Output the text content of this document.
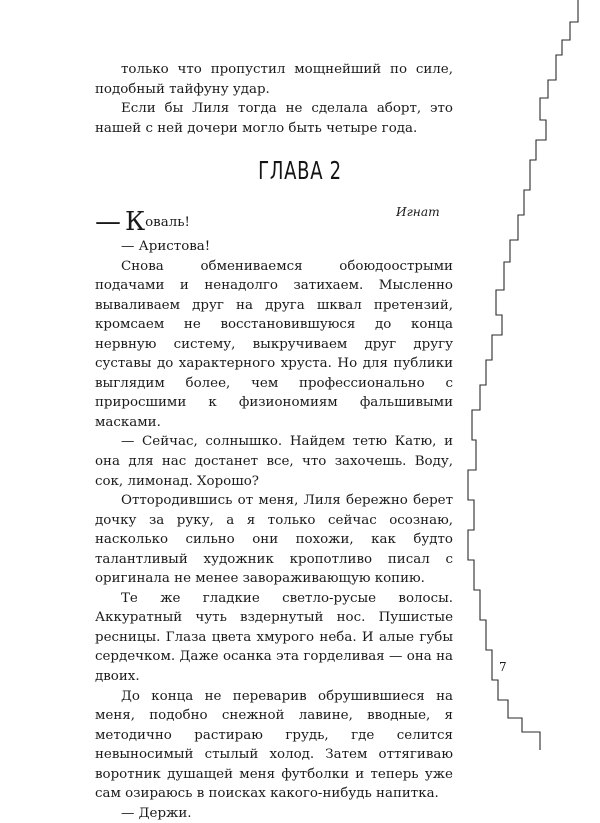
только что пропустил мощнейший по силе, подобный тайфуну удар.

Если бы Лиля тогда не сделала аборт, это нашей с ней дочери могло быть четыре года.

ГЛАВА 2
Игнат

— Коваль!

— Аристова!

Снова обмениваемся обоюдоострыми подачами и ненадолго затихаем. Мысленно вываливаем друг на друга шквал претензий, кромсаем не восстановившуюся до конца нервную систему, выкручиваем друг другу суставы до характерного хруста. Но для публики выглядим более, чем профессионально с приросшими к физиономиям фальшивыми масками.

— Сейчас, солнышко. Найдем тетю Катю, и она для нас достанет все, что захочешь. Воду, сок, лимонад. Хорошо?

Оттородившись от меня, Лиля бережно берет дочку за руку, а я только сейчас осознаю, насколько сильно они похожи, как будто талантливый художник кропотливо писал с оригинала не менее завораживающую копию.

Те же гладкие светло-русые волосы. Аккуратный чуть вздернутый нос. Пушистые ресницы. Глаза цвета хмурого неба. И алые губы сердечком. Даже осанка эта горделивая — она на двоих.

До конца не переварив обрушившиеся на меня, подобно снежной лавине, вводные, я методично растираю грудь, где селится невыносимый стылый холод. Затем оттягиваю воротник душащей меня футболки и теперь уже сам озираюсь в поисках какого-нибудь напитка.

— Держи.

7
